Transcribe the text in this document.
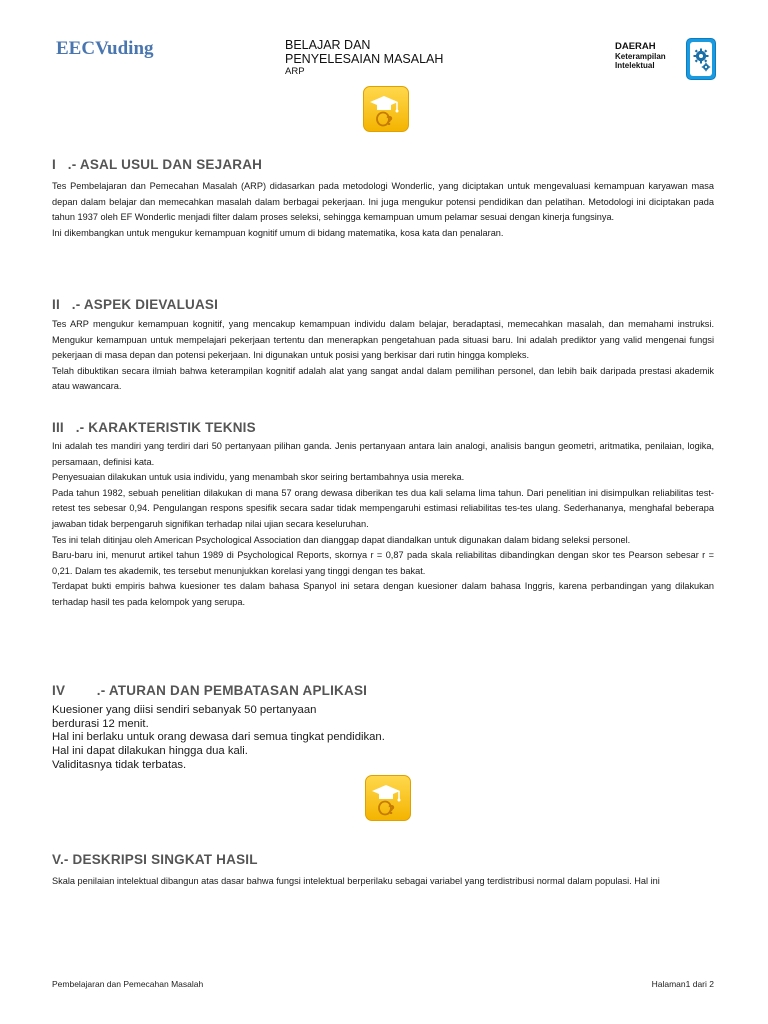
EECVuding	BELAJAR DAN
PENYELESAIAN MASALAH
ARP
DAERAH
Keterampilan
Intelektual
?
I   .- ASAL USUL DAN SEJARAH

Tes Pembelajaran dan Pemecahan Masalah (ARP) didasarkan pada metodologi Wonderlic, yang diciptakan untuk mengevaluasi kemampuan karyawan masa depan dalam belajar dan memecahkan masalah dalam berbagai pekerjaan. Ini juga mengukur potensi pendidikan dan pelatihan. Metodologi ini diciptakan pada tahun 1937 oleh EF Wonderlic menjadi filter dalam proses seleksi, sehingga kemampuan umum pelamar sesuai dengan kinerja fungsinya.

Ini dikembangkan untuk mengukur kemampuan kognitif umum di bidang matematika, kosa kata dan penalaran.

II   .- ASPEK DIEVALUASI

Tes ARP mengukur kemampuan kognitif, yang mencakup kemampuan individu dalam belajar, beradaptasi, memecahkan masalah, dan memahami instruksi. Mengukur kemampuan untuk mempelajari pekerjaan tertentu dan menerapkan pengetahuan pada situasi baru. Ini adalah prediktor yang valid mengenai fungsi pekerjaan di masa depan dan potensi pekerjaan. Ini digunakan untuk posisi yang berkisar dari rutin hingga kompleks.

Telah dibuktikan secara ilmiah bahwa keterampilan kognitif adalah alat yang sangat andal dalam pemilihan personel, dan lebih baik daripada prestasi akademik atau wawancara.

III   .- KARAKTERISTIK TEKNIS

Ini adalah tes mandiri yang terdiri dari 50 pertanyaan pilihan ganda. Jenis pertanyaan antara lain analogi, analisis bangun geometri, aritmatika, penilaian, logika, persamaan, definisi kata.

Penyesuaian dilakukan untuk usia individu, yang menambah skor seiring bertambahnya usia mereka.

Pada tahun 1982, sebuah penelitian dilakukan di mana 57 orang dewasa diberikan tes dua kali selama lima tahun. Dari penelitian ini disimpulkan reliabilitas test-retest tes sebesar 0,94. Pengulangan respons spesifik secara sadar tidak mempengaruhi estimasi reliabilitas tes-tes ulang. Sederhananya, menghafal beberapa jawaban tidak berpengaruh signifikan terhadap nilai ujian secara keseluruhan.

Tes ini telah ditinjau oleh American Psychological Association dan dianggap dapat diandalkan untuk digunakan dalam bidang seleksi personel.

Baru-baru ini, menurut artikel tahun 1989 di Psychological Reports, skornya r = 0,87 pada skala reliabilitas dibandingkan dengan skor tes Pearson sebesar r = 0,21. Dalam tes akademik, tes tersebut menunjukkan korelasi yang tinggi dengan tes bakat.

Terdapat bukti empiris bahwa kuesioner tes dalam bahasa Spanyol ini setara dengan kuesioner dalam bahasa Inggris, karena perbandingan yang dilakukan terhadap hasil tes pada kelompok yang serupa.

IV        .- ATURAN DAN PEMBATASAN APLIKASI

Kuesioner yang diisi sendiri sebanyak 50 pertanyaan

berdurasi 12 menit.

Hal ini berlaku untuk orang dewasa dari semua tingkat pendidikan.

Hal ini dapat dilakukan hingga dua kali.

Validitasnya tidak terbatas.

?
V.- DESKRIPSI SINGKAT HASIL

Skala penilaian intelektual dibangun atas dasar bahwa fungsi intelektual berperilaku sebagai variabel yang terdistribusi normal dalam populasi. Hal ini

Pembelajaran dan Pemecahan Masalah	Halaman1 dari 2
